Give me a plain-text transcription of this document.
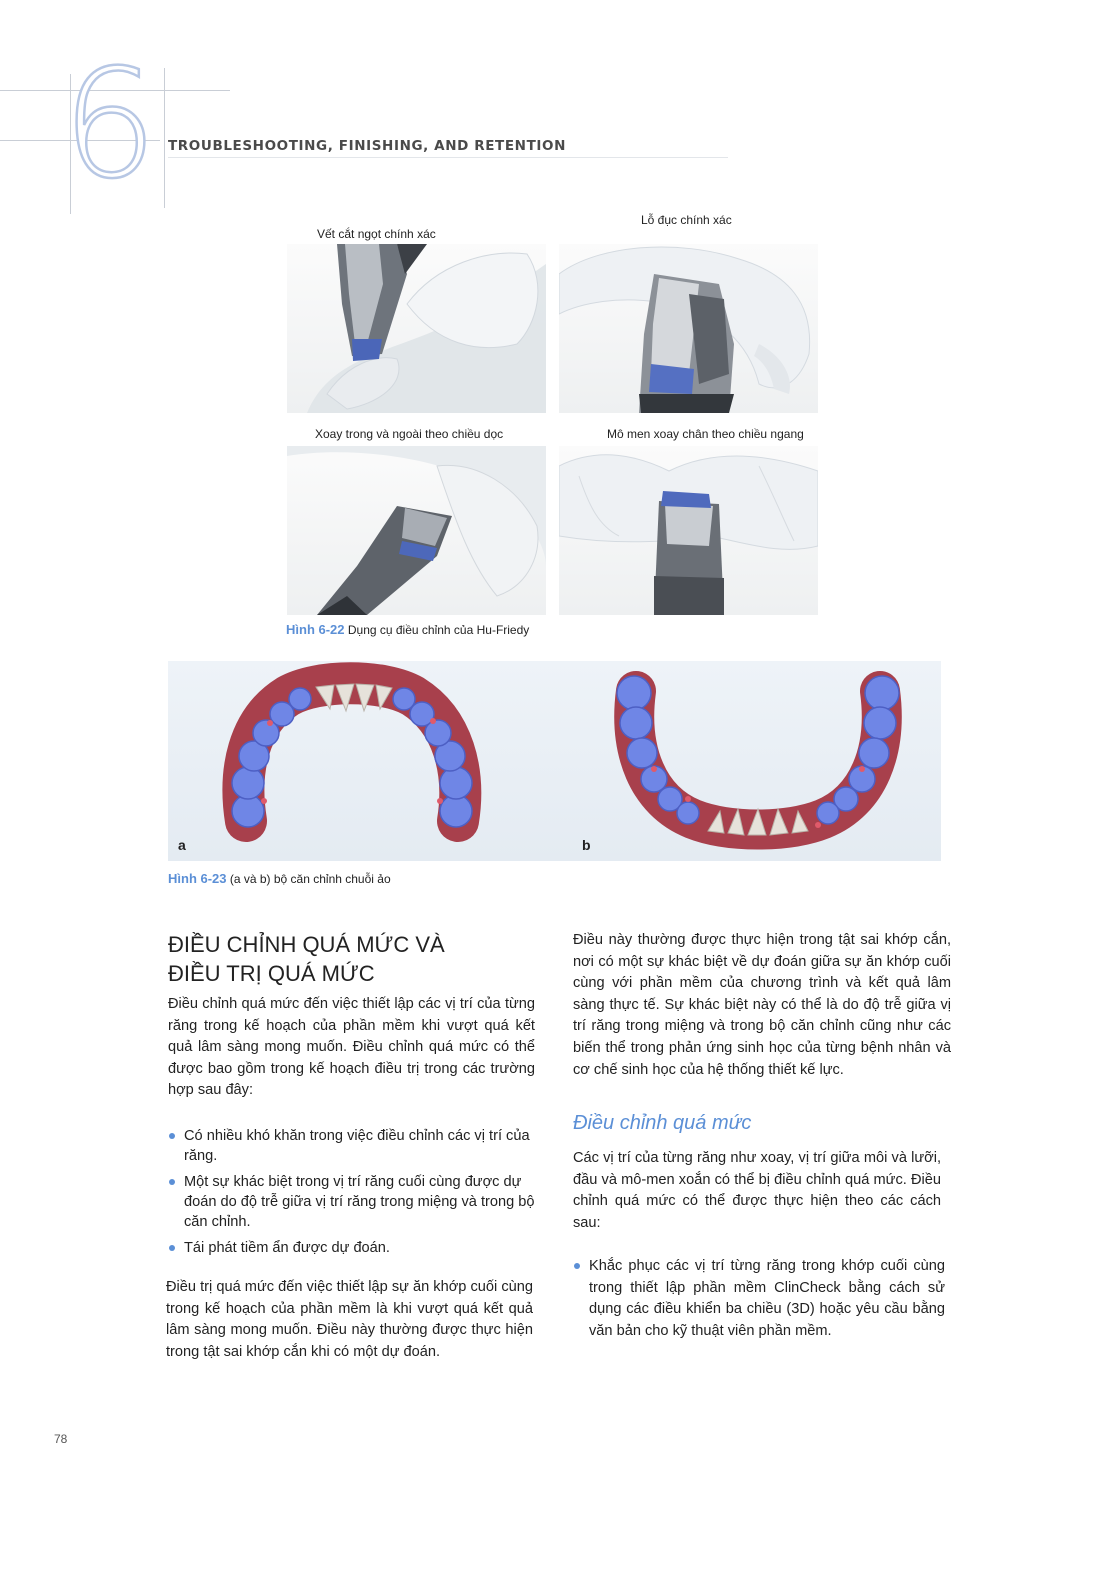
6 TROUBLESHOOTING, FINISHING, AND RETENTION
Vết cắt ngọt chính xác
Lỗ đục chính xác
Xoay trong và ngoài theo chiều dọc	Mô men xoay chân theo chiều ngang
Hình 6-22 Dụng cụ điều chỉnh của Hu-Friedy
a	b
Hình 6-23 (a và b) bộ căn chỉnh chuỗi ảo
ĐIỀU CHỈNH QUÁ MỨC VÀ
ĐIỀU TRỊ QUÁ MỨC

Điều chỉnh quá mức đến việc thiết lập các vị trí của từng răng trong kế hoạch của phần mềm khi vượt quá kết quả lâm sàng mong muốn. Điều chỉnh quá mức có thể được bao gồm trong kế hoạch điều trị trong các trường hợp sau đây:

Có nhiều khó khăn trong việc điều chỉnh các vị trí của răng.
Một sự khác biệt trong vị trí răng cuối cùng được dự đoán do độ trễ giữa vị trí răng trong miệng và trong bộ căn chỉnh.
Tái phát tiềm ẩn được dự đoán.

Điều trị quá mức đến việc thiết lập sự ăn khớp cuối cùng trong kế hoạch của phần mềm là khi vượt quá kết quả lâm sàng mong muốn. Điều này thường được thực hiện trong tật sai khớp cắn khi có một dự đoán.

Điều này thường được thực hiện trong tật sai khớp cắn, nơi có một sự khác biệt về dự đoán giữa sự ăn khớp cuối cùng với phần mềm của chương trình và kết quả lâm sàng thực tế. Sự khác biệt này có thể là do độ trễ giữa vị trí răng trong miệng và trong bộ căn chỉnh cũng như các biến thể trong phản ứng sinh học của từng bệnh nhân và cơ chế sinh học của hệ thống thiết kế lực.

Điều chỉnh quá mức

Các vị trí của từng răng như xoay, vị trí giữa môi và lưỡi, đầu và mô-men xoắn có thể bị điều chỉnh quá mức. Điều chỉnh quá mức có thể được thực hiện theo các cách sau:

Khắc phục các vị trí từng răng trong khớp cuối cùng trong thiết lập phần mềm ClinCheck bằng cách sử dụng các điều khiển ba chiều (3D) hoặc yêu cầu bằng văn bản cho kỹ thuật viên phần mềm.
78
